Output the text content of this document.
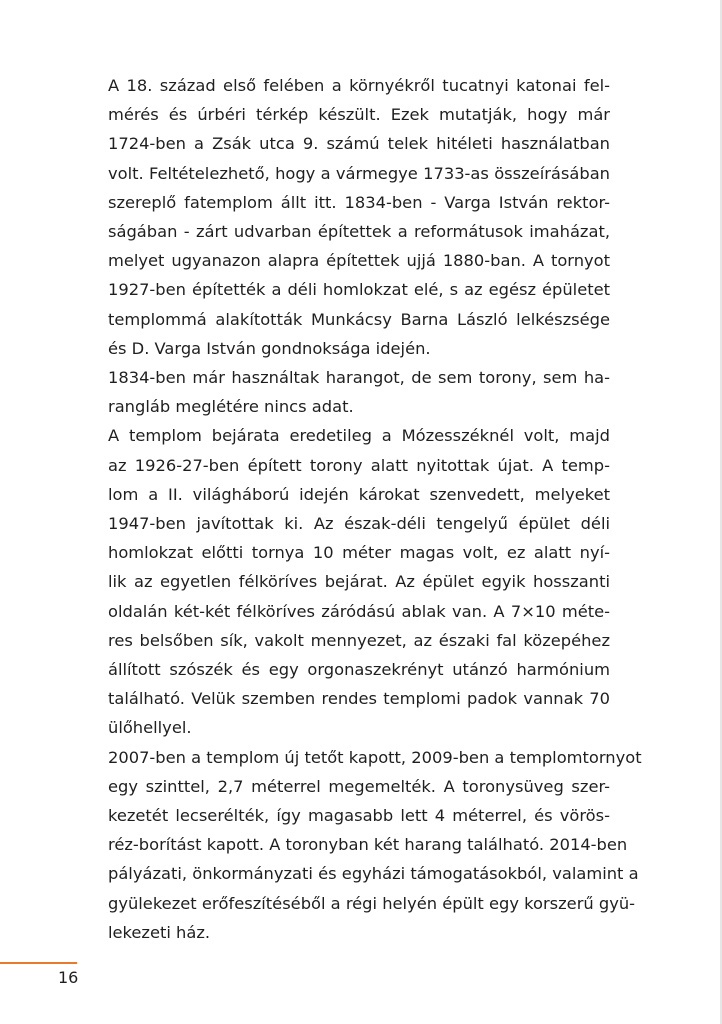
A 18. század első felében a környékről tucatnyi katonai fel-
mérés és úrbéri térkép készült. Ezek mutatják, hogy már
1724-ben a Zsák utca 9. számú telek hitéleti használatban
volt. Feltételezhető, hogy a vármegye 1733-as összeírásában
szereplő fatemplom állt itt. 1834-ben - Varga István rektor-
ságában - zárt udvarban építettek a reformátusok imaházat,
melyet ugyanazon alapra építettek ujjá 1880-ban. A tornyot
1927-ben építették a déli homlokzat elé, s az egész épületet
templommá alakították Munkácsy Barna László lelkészsége
és D. Varga István gondnoksága idején.
1834-ben már használtak harangot, de sem torony, sem ha-
rangláb meglétére nincs adat.
A templom bejárata eredetileg a Mózesszéknél volt, majd
az 1926-27-ben épített torony alatt nyitottak újat. A temp-
lom a II. világháború idején károkat szenvedett, melyeket
1947-ben javítottak ki. Az észak-déli tengelyű épület déli
homlokzat előtti tornya 10 méter magas volt, ez alatt nyí-
lik az egyetlen félköríves bejárat. Az épület egyik hosszanti
oldalán két-két félköríves záródású ablak van. A 7×10 méte-
res belsőben sík, vakolt mennyezet, az északi fal közepéhez
állított szószék és egy orgonaszekrényt utánzó harmónium
található. Velük szemben rendes templomi padok vannak 70
ülőhellyel.
2007-ben a templom új tetőt kapott, 2009-ben a templomtornyot
egy szinttel, 2,7 méterrel megemelték. A toronysüveg szer-
kezetét lecserélték, így magasabb lett 4 méterrel, és vörös-
réz-borítást kapott. A toronyban két harang található. 2014-ben
pályázati, önkormányzati és egyházi támogatásokból, valamint a
gyülekezet erőfeszítéséből a régi helyén épült egy korszerű gyü-
lekezeti ház.
16
